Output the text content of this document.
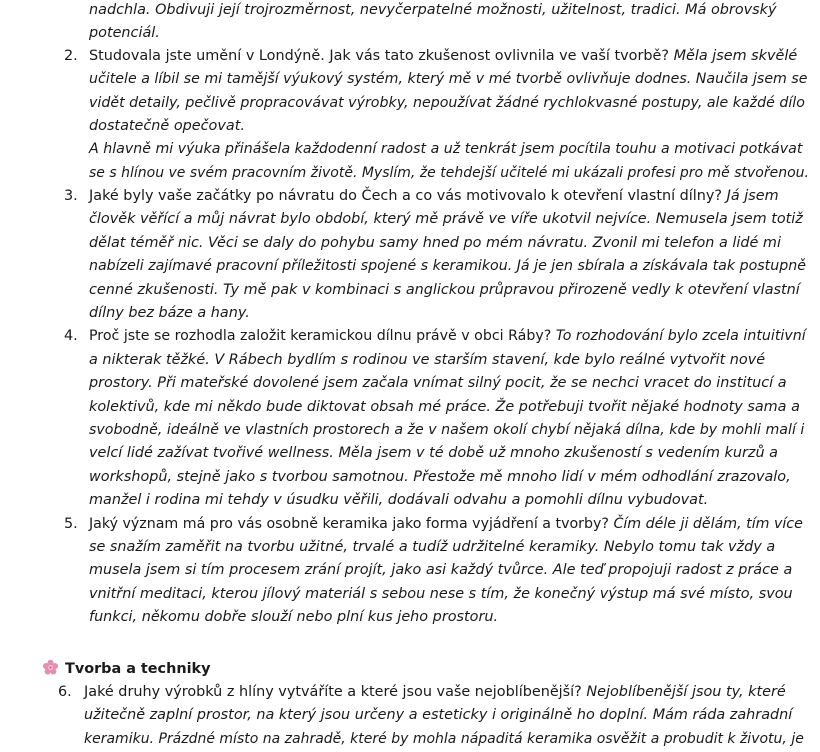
nadchla. Obdivuji její trojrozměrnost, nevyčerpatelné možnosti, užitelnost, tradici. Má obrovský
potenciál.
2. Studovala jste umění v Londýně. Jak vás tato zkušenost ovlivnila ve vaší tvorbě? Měla jsem skvělé
učitele a líbil se mi tamější výukový systém, který mě v mé tvorbě ovlivňuje dodnes. Naučila jsem se
vidět detaily, pečlivě propracovávat výrobky, nepoužívat žádné rychlokvasné postupy, ale každé dílo
dostatečně opečovat.
A hlavně mi výuka přinášela každodenní radost a už tenkrát jsem pocítila touhu a motivaci potkávat
se s hlínou ve svém pracovním životě. Myslím, že tehdejší učitelé mi ukázali profesi pro mě stvořenou.
3. Jaké byly vaše začátky po návratu do Čech a co vás motivovalo k otevření vlastní dílny? Já jsem
člověk věřící a můj návrat bylo období, který mě právě ve víře ukotvil nejvíce. Nemusela jsem totiž
dělat téměř nic. Věci se daly do pohybu samy hned po mém návratu. Zvonil mi telefon a lidé mi
nabízeli zajímavé pracovní příležitosti spojené s keramikou. Já je jen sbírala a získávala tak postupně
cenné zkušenosti. Ty mě pak v kombinaci s anglickou průpravou přirozeně vedly k otevření vlastní
dílny bez báze a hany.
4. Proč jste se rozhodla založit keramickou dílnu právě v obci Ráby? To rozhodování bylo zcela intuitivní
a nikterak těžké. V Rábech bydlím s rodinou ve starším stavení, kde bylo reálné vytvořit nové
prostory. Při mateřské dovolené jsem začala vnímat silný pocit, že se nechci vracet do institucí a
kolektivů, kde mi někdo bude diktovat obsah mé práce. Že potřebuji tvořit nějaké hodnoty sama a
svobodně, ideálně ve vlastních prostorech a že v našem okolí chybí nějaká dílna, kde by mohli malí i
velcí lidé zažívat tvořivé wellness. Měla jsem v té době už mnoho zkušeností s vedením kurzů a
workshopů, stejně jako s tvorbou samotnou. Přestože mě mnoho lidí v mém odhodlání zrazovalo,
manžel i rodina mi tehdy v úsudku věřili, dodávali odvahu a pomohli dílnu vybudovat.
5. Jaký význam má pro vás osobně keramika jako forma vyjádření a tvorby? Čím déle ji dělám, tím více
se snažím zaměřit na tvorbu užitné, trvalé a tudíž udržitelné keramiky. Nebylo tomu tak vždy a
musela jsem si tím procesem zrání projít, jako asi každý tvůrce. Ale teď propojuji radost z práce a
vnitřní meditaci, kterou jílový materiál s sebou nese s tím, že konečný výstup má své místo, svou
funkci, někomu dobře slouží nebo plní kus jeho prostoru.
Tvorba a techniky
6. Jaké druhy výrobků z hlíny vytváříte a které jsou vaše nejoblíbenější? Nejoblíbenější jsou ty, které
užitečně zaplní prostor, na který jsou určeny a esteticky i originálně ho doplní. Mám ráda zahradní
keramiku. Prázdné místo na zahradě, které by mohla nápaditá keramika osvěžit a probudit k životu, je
